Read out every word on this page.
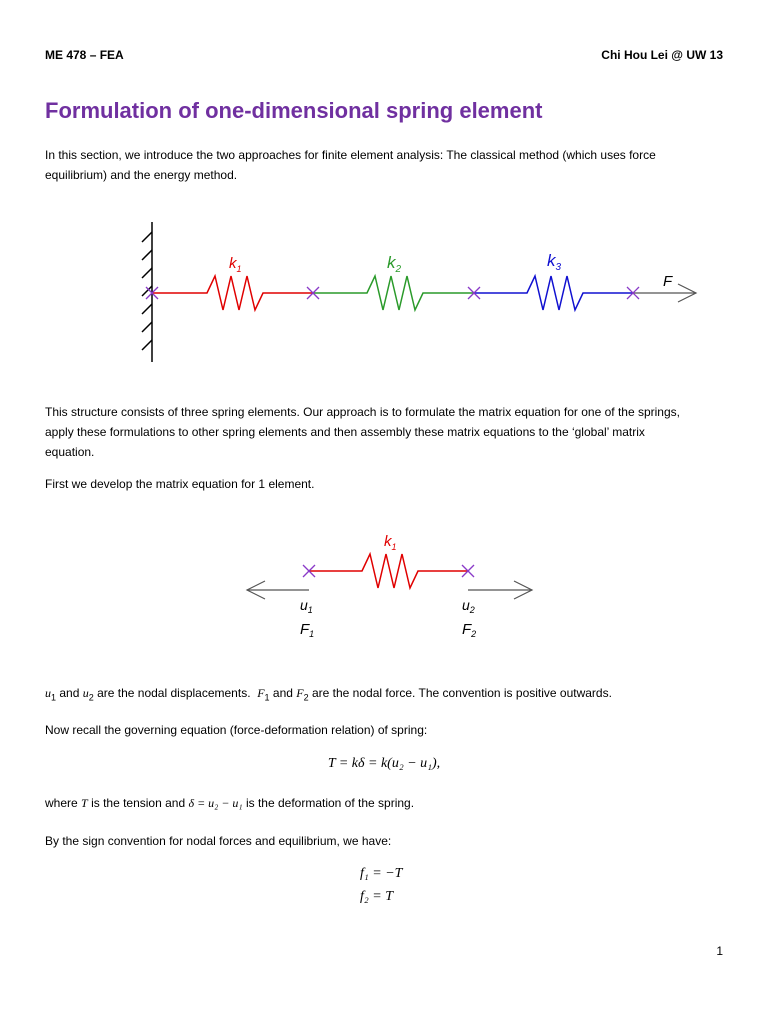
ME 478 – FEA	Chi Hou Lei @ UW 13
Formulation of one-dimensional spring element
In this section, we introduce the two approaches for finite element analysis: The classical method (which uses force
equilibrium) and the energy method.
$k_1$	$k_2$	$k_3$
F
This structure consists of three spring elements. Our approach is to formulate the matrix equation for one of the springs,
apply these formulations to other spring elements and then assembly these matrix equations to the ‘global’ matrix
equation.
First we develop the matrix equation for 1 element.
$k_1$
$u_1$
$F_1$
$u_2$
$F_2$
$u_1$ and $u_2$ are the nodal displacements. $F_1$ and $F_2$ are the nodal force. The convention is positive outwards.
Now recall the governing equation (force-deformation relation) of spring:
T = kδ = k(u₂ − u₁),
where T is the tension and δ = u₂ − u₁ is the deformation of the spring.
By the sign convention for nodal forces and equilibrium, we have:
f₁ = −T
f₂ = T
1
